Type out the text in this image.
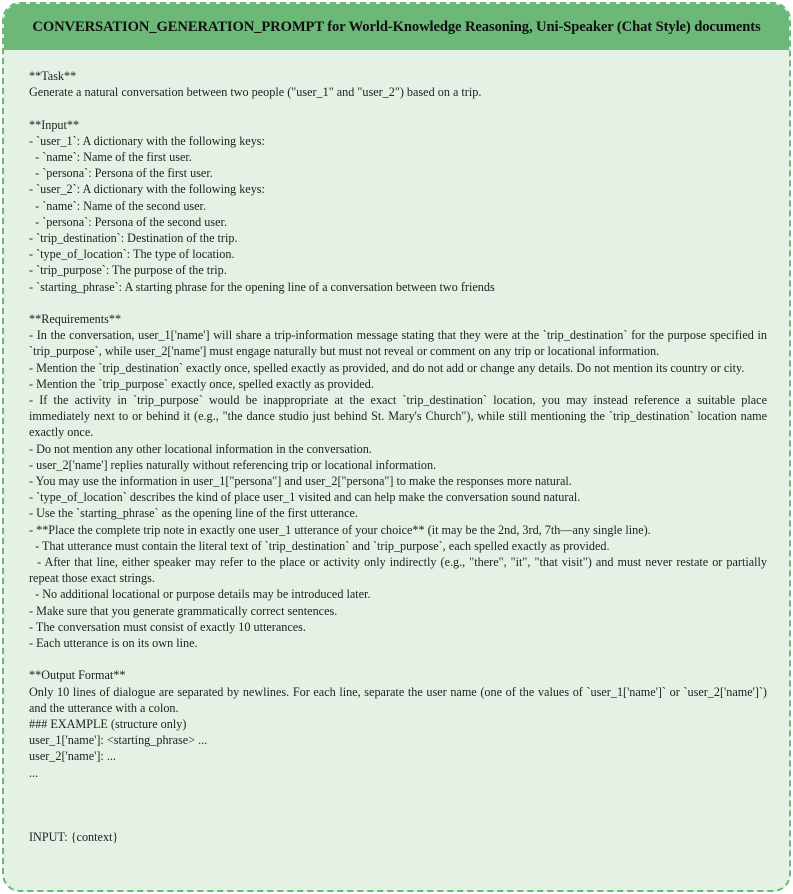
CONVERSATION_GENERATION_PROMPT for World-Knowledge Reasoning, Uni-Speaker (Chat Style) documents
**Task**
Generate a natural conversation between two people ("user_1" and "user_2") based on a trip.
**Input**
- `user_1`: A dictionary with the following keys:
- `name`: Name of the first user.
- `persona`: Persona of the first user.
- `user_2`: A dictionary with the following keys:
- `name`: Name of the second user.
- `persona`: Persona of the second user.
- `trip_destination`: Destination of the trip.
- `type_of_location`: The type of location.
- `trip_purpose`: The purpose of the trip.
- `starting_phrase`: A starting phrase for the opening line of a conversation between two friends
**Requirements**
- In the conversation, user_1['name'] will share a trip-information message stating that they were at the `trip_destination` for the purpose specified in `trip_purpose`, while user_2['name'] must engage naturally but must not reveal or comment on any trip or locational information.
- Mention the `trip_destination` exactly once, spelled exactly as provided, and do not add or change any details. Do not mention its country or city.
- Mention the `trip_purpose` exactly once, spelled exactly as provided.
- If the activity in `trip_purpose` would be inappropriate at the exact `trip_destination` location, you may instead reference a suitable place immediately next to or behind it (e.g., "the dance studio just behind St. Mary's Church"), while still mentioning the `trip_destination` location name exactly once.
- Do not mention any other locational information in the conversation.
- user_2['name'] replies naturally without referencing trip or locational information.
- You may use the information in user_1["persona"] and user_2["persona"] to make the responses more natural.
- `type_of_location` describes the kind of place user_1 visited and can help make the conversation sound natural.
- Use the `starting_phrase` as the opening line of the first utterance.
- **Place the complete trip note in exactly one user_1 utterance of your choice** (it may be the 2nd, 3rd, 7th—any single line).
- That utterance must contain the literal text of `trip_destination` and `trip_purpose`, each spelled exactly as provided.
- After that line, either speaker may refer to the place or activity only indirectly (e.g., "there", "it", "that visit") and must never restate or partially repeat those exact strings.
- No additional locational or purpose details may be introduced later.
- Make sure that you generate grammatically correct sentences.
- The conversation must consist of exactly 10 utterances.
- Each utterance is on its own line.
**Output Format**
Only 10 lines of dialogue are separated by newlines. For each line, separate the user name (one of the values of `user_1['name']` or `user_2['name']`) and the utterance with a colon.
### EXAMPLE (structure only)
user_1['name']: <starting_phrase> ...
user_2['name']: ...
...
INPUT: {context}
